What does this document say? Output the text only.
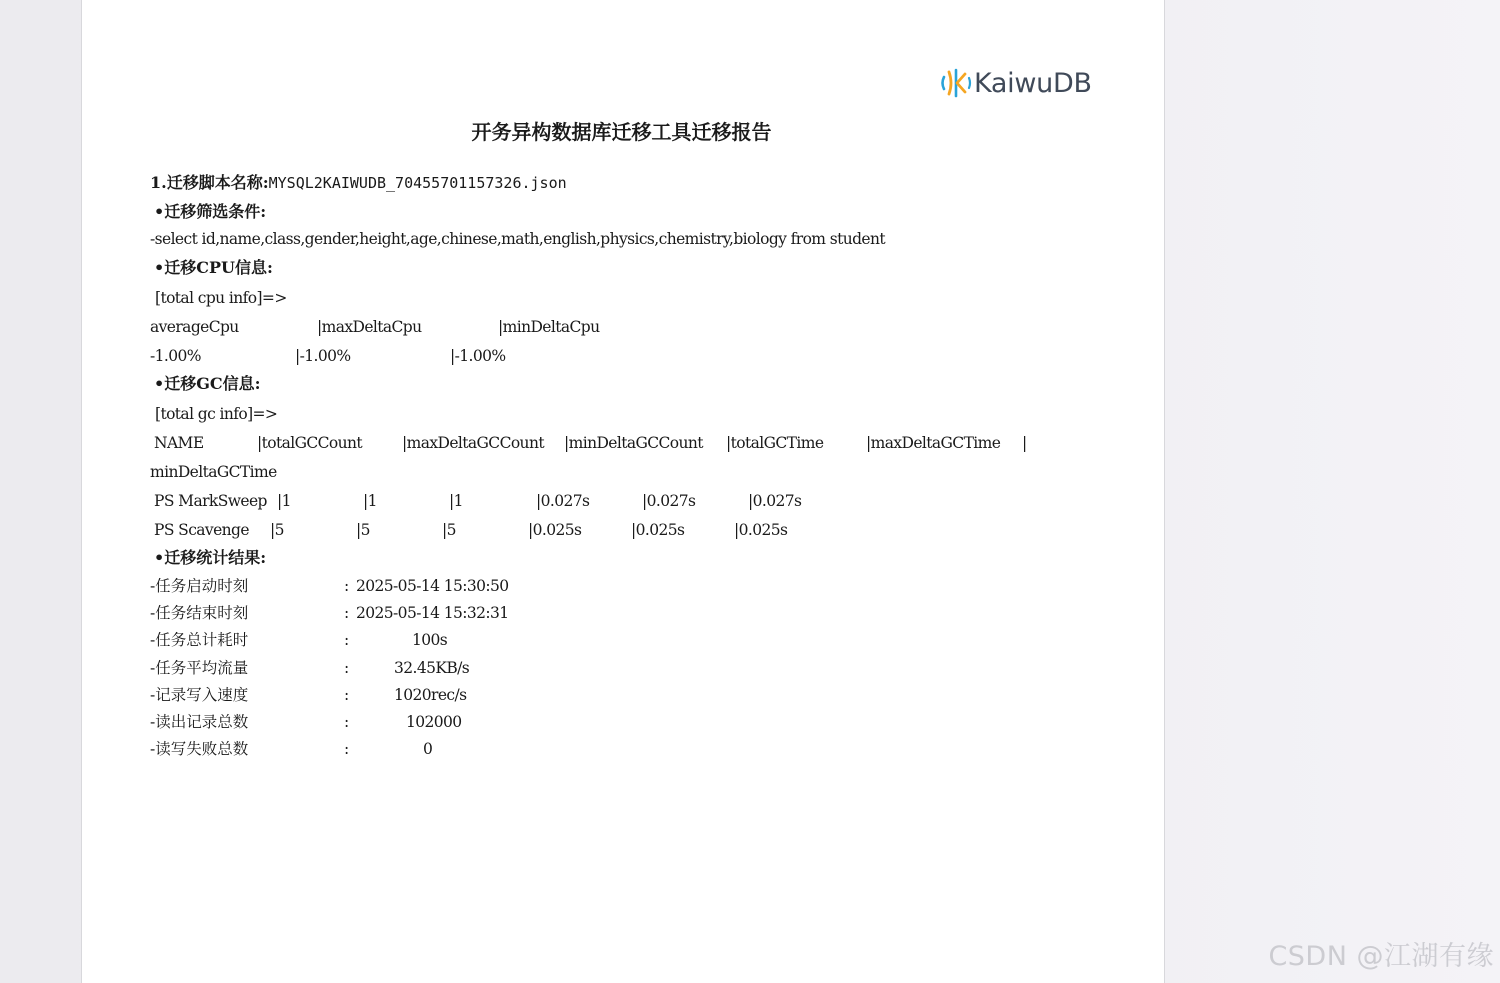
KaiwuDB
开务异构数据库迁移工具迁移报告
1.迁移脚本名称:MYSQL2KAIWUDB_70455701157326.json
•迁移筛选条件:
-select id,name,class,gender,height,age,chinese,math,english,physics,chemistry,biology from student
•迁移CPU信息:
[total cpu info]=>
averageCpu	|maxDeltaCpu	|minDeltaCpu
-1.00%	|-1.00%	|-1.00%
•迁移GC信息:
[total gc info]=>
NAME	|totalGCCount	|maxDeltaGCCount |minDeltaGCCount |totalGCTime	|maxDeltaGCTime |
minDeltaGCTime
PS MarkSweep |1	|1	|1	|0.027s	|0.027s	|0.027s
PS Scavenge |5	|5	|5	|0.025s	|0.025s	|0.025s
•迁移统计结果:
-任务启动时刻	: 2025-05-14 15:30:50
-任务结束时刻	: 2025-05-14 15:32:31
-任务总计耗时	:	100s
-任务平均流量	:	32.45KB/s
-记录写入速度	:	1020rec/s
-读出记录总数	:	102000
-读写失败总数	:	0
CSDN @江湖有缘
